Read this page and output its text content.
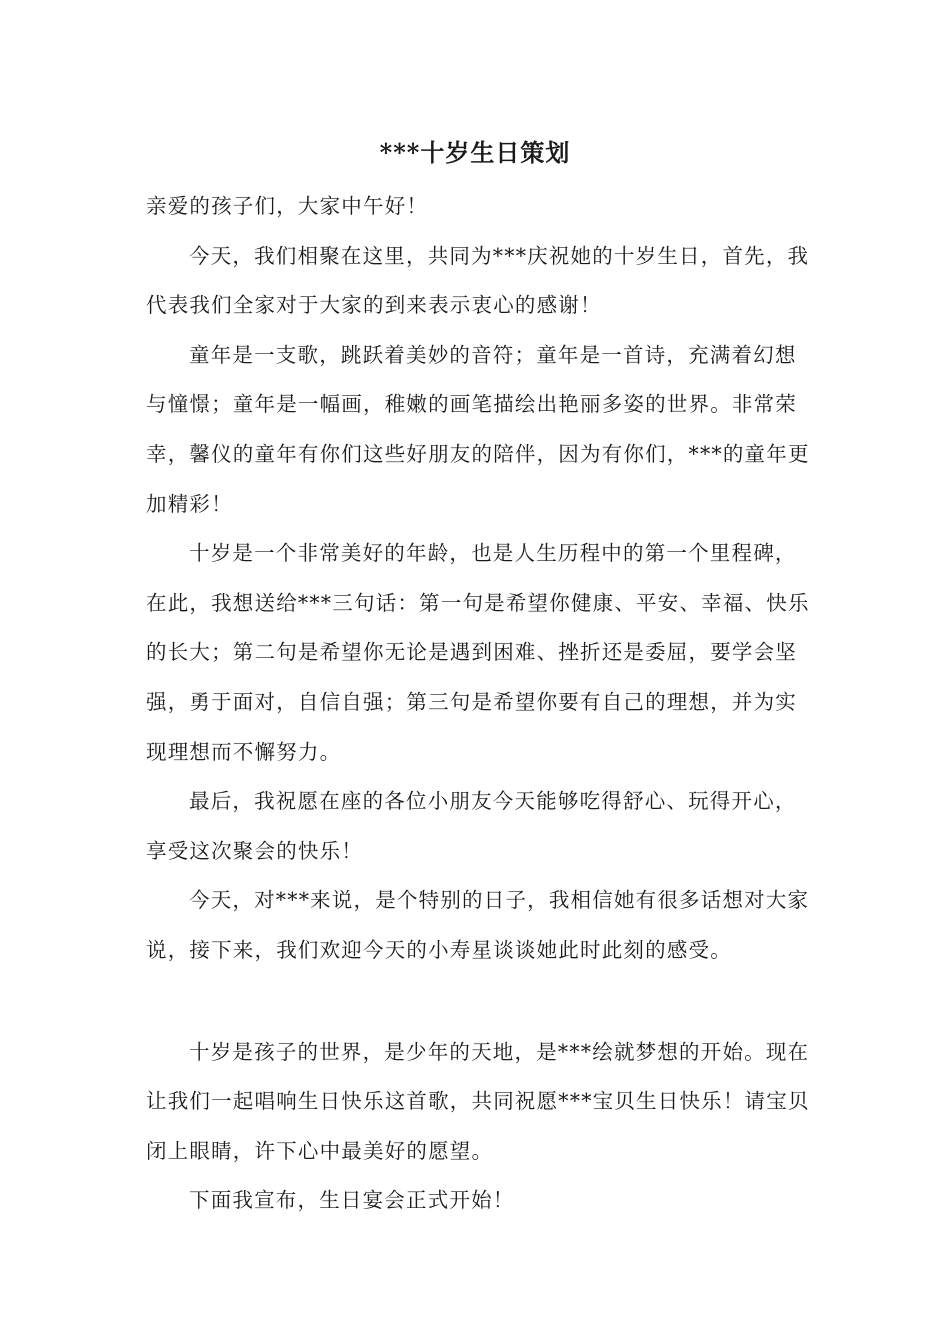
***十岁生日策划

亲爱的孩子们，大家中午好！

今天，我们相聚在这里，共同为***庆祝她的十岁生日，首先，我代表我们全家对于大家的到来表示衷心的感谢！

童年是一支歌，跳跃着美妙的音符；童年是一首诗，充满着幻想与憧憬；童年是一幅画，稚嫩的画笔描绘出艳丽多姿的世界。非常荣幸，馨仪的童年有你们这些好朋友的陪伴，因为有你们，***的童年更加精彩！

十岁是一个非常美好的年龄，也是人生历程中的第一个里程碑，在此，我想送给***三句话：第一句是希望你健康、平安、幸福、快乐的长大；第二句是希望你无论是遇到困难、挫折还是委屈，要学会坚强，勇于面对，自信自强；第三句是希望你要有自己的理想，并为实现理想而不懈努力。

最后，我祝愿在座的各位小朋友今天能够吃得舒心、玩得开心，享受这次聚会的快乐！

今天，对***来说，是个特别的日子，我相信她有很多话想对大家说，接下来，我们欢迎今天的小寿星谈谈她此时此刻的感受。

十岁是孩子的世界，是少年的天地，是***绘就梦想的开始。现在让我们一起唱响生日快乐这首歌，共同祝愿***宝贝生日快乐！请宝贝闭上眼睛，许下心中最美好的愿望。

下面我宣布，生日宴会正式开始！
